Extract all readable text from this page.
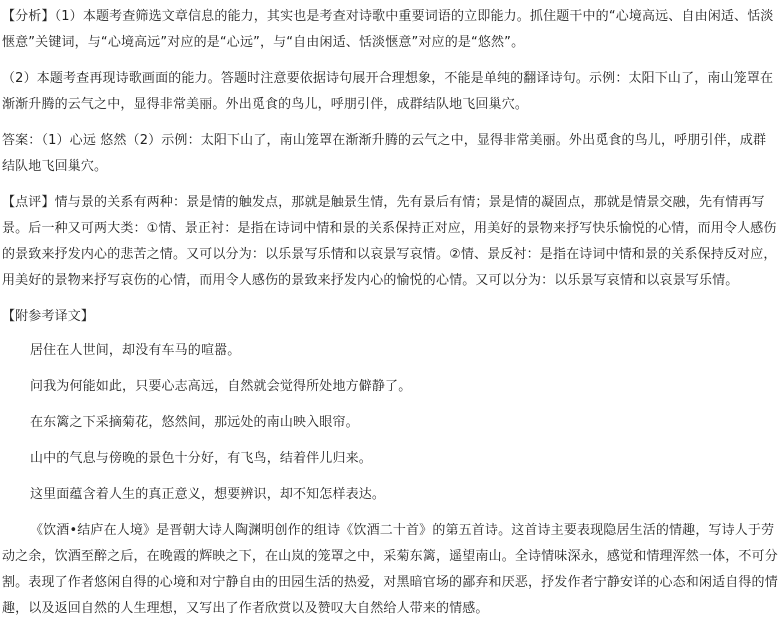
【分析】（1）本题考查筛选文章信息的能力，其实也是考查对诗歌中重要词语的立即能力。抓住题干中的“心境高远、自由闲适、恬淡惬意”关键词，与“心境高远”对应的是“心远”，与“自由闲适、恬淡惬意”对应的是“悠然”。

（2）本题考查再现诗歌画面的能力。答题时注意要依据诗句展开合理想象，不能是单纯的翻译诗句。示例：太阳下山了，南山笼罩在渐渐升腾的云气之中，显得非常美丽。外出觅食的鸟儿，呼朋引伴，成群结队地飞回巢穴。

答案：（1）心远 悠然（2）示例：太阳下山了，南山笼罩在渐渐升腾的云气之中，显得非常美丽。外出觅食的鸟儿，呼朋引伴，成群结队地飞回巢穴。

【点评】情与景的关系有两种：景是情的触发点，那就是触景生情，先有景后有情；景是情的凝固点，那就是情景交融，先有情再写景。后一种又可两大类：①情、景正衬：是指在诗词中情和景的关系保持正对应，用美好的景物来抒写快乐愉悦的心情，而用令人感伤的景致来抒发内心的悲苦之情。又可以分为：以乐景写乐情和以哀景写哀情。②情、景反衬：是指在诗词中情和景的关系保持反对应，用美好的景物来抒写哀伤的心情，而用令人感伤的景致来抒发内心的愉悦的心情。又可以分为：以乐景写哀情和以哀景写乐情。

【附参考译文】

居住在人世间，却没有车马的喧嚣。

问我为何能如此，只要心志高远，自然就会觉得所处地方僻静了。

在东篱之下采摘菊花，悠然间，那远处的南山映入眼帘。

山中的气息与傍晚的景色十分好，有飞鸟，结着伴儿归来。

这里面蕴含着人生的真正意义，想要辨识，却不知怎样表达。

《饮酒•结庐在人境》是晋朝大诗人陶渊明创作的组诗《饮酒二十首》的第五首诗。这首诗主要表现隐居生活的情趣，写诗人于劳动之余，饮酒至醉之后，在晚霞的辉映之下，在山岚的笼罩之中，采菊东篱，遥望南山。全诗情味深永，感觉和情理浑然一体，不可分割。表现了作者悠闲自得的心境和对宁静自由的田园生活的热爱，对黑暗官场的鄙弃和厌恶，抒发作者宁静安详的心态和闲适自得的情趣，以及返回自然的人生理想，又写出了作者欣赏以及赞叹大自然给人带来的情感。
